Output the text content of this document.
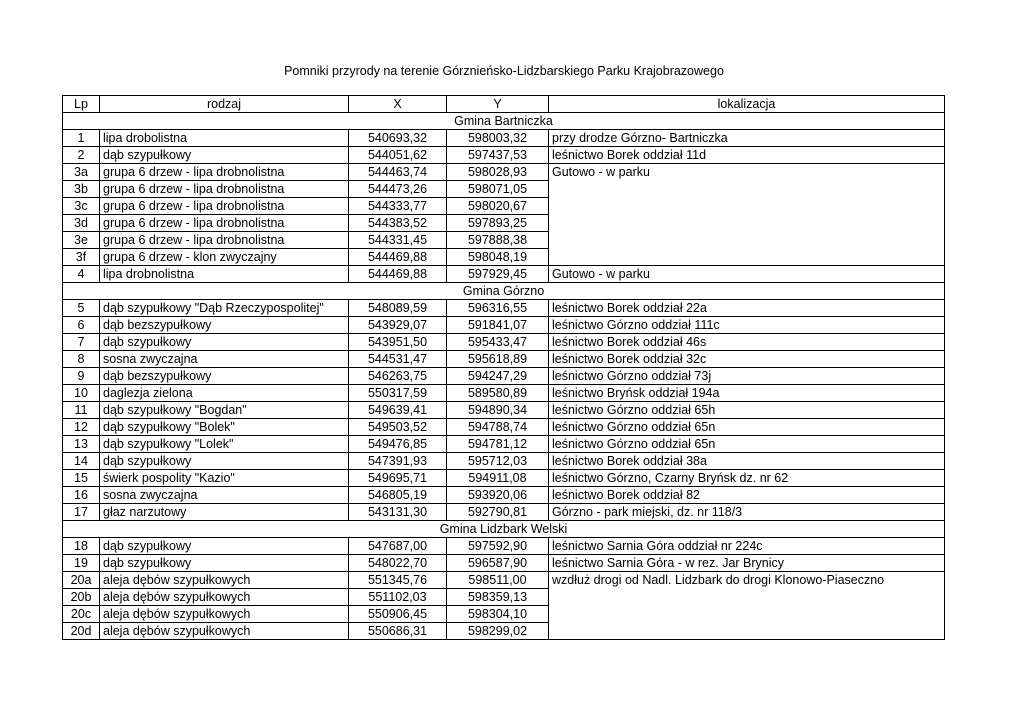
Pomniki przyrody na terenie Górznieńsko-Lidzbarskiego Parku Krajobrazowego
Lp	rodzaj	X	Y	lokalizacja
Gmina Bartniczka				
1	lipa drobolistna	540693,32	598003,32	przy drodze Górzno- Bartniczka
2	dąb szypułkowy	544051,62	597437,53	leśnictwo Borek oddział 11d
3a	grupa 6 drzew - lipa drobnolistna	544463,74	598028,93	Gutowo - w parku
3b	grupa 6 drzew - lipa drobnolistna	544473,26	598071,05	
3c	grupa 6 drzew - lipa drobnolistna	544333,77	598020,67	
3d	grupa 6 drzew - lipa drobnolistna	544383,52	597893,25	
3e	grupa 6 drzew - lipa drobnolistna	544331,45	597888,38	
3f	grupa 6 drzew - klon zwyczajny	544469,88	598048,19	
4	lipa drobnolistna	544469,88	597929,45	Gutowo - w parku
Gmina Górzno				
5	dąb szypułkowy "Dąb Rzeczypospolitej"	548089,59	596316,55	leśnictwo Borek oddział 22a
6	dąb bezszypułkowy	543929,07	591841,07	leśnictwo Górzno oddział 111c
7	dąb szypułkowy	543951,50	595433,47	leśnictwo Borek oddział 46s
8	sosna zwyczajna	544531,47	595618,89	leśnictwo Borek oddział 32c
9	dąb bezszypułkowy	546263,75	594247,29	leśnictwo Górzno oddział 73j
10	daglezja zielona	550317,59	589580,89	leśnictwo Bryńsk oddział 194a
11	dąb szypułkowy "Bogdan"	549639,41	594890,34	leśnictwo Górzno oddział 65h
12	dąb szypułkowy "Bolek"	549503,52	594788,74	leśnictwo Górzno oddział 65n
13	dąb szypułkowy "Lolek"	549476,85	594781,12	leśnictwo Górzno oddział 65n
14	dąb szypułkowy	547391,93	595712,03	leśnictwo Borek oddział 38a
15	świerk pospolity "Kazio"	549695,71	594911,08	leśnictwo Górzno, Czarny Bryńsk dz. nr 62
16	sosna zwyczajna	546805,19	593920,06	leśnictwo Borek oddział 82
17	głaz narzutowy	543131,30	592790,81	Górzno - park miejski, dz. nr 118/3
Gmina Lidzbark Welski				
18	dąb szypułkowy	547687,00	597592,90	leśnictwo Sarnia Góra oddział nr 224c
19	dąb szypułkowy	548022,70	596587,90	leśnictwo Sarnia Góra - w rez. Jar Brynicy
20a	aleja dębów szypułkowych	551345,76	598511,00	wzdłuż drogi od Nadl. Lidzbark do drogi Klonowo-Piaseczno
20b	aleja dębów szypułkowych	551102,03	598359,13	
20c	aleja dębów szypułkowych	550906,45	598304,10	
20d	aleja dębów szypułkowych	550686,31	598299,02	
